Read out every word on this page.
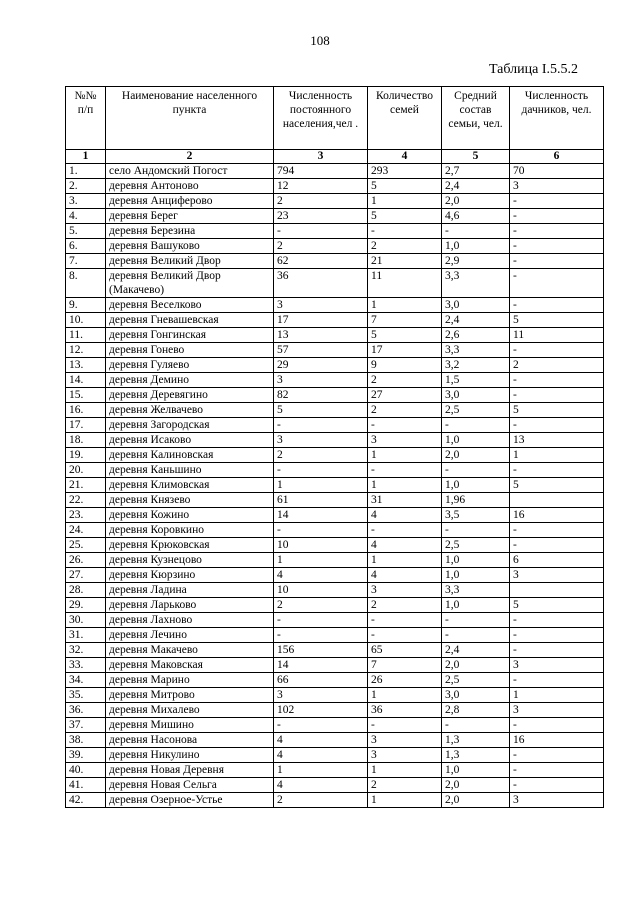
108
Таблица I.5.5.2
№№ п/п	Наименование населенного пункта	Численность постоянного населения,чел .	Количество семей	Средний состав семьи, чел.	Численность дачников, чел.
1	2	3	4	5	6
1.	село Андомский Погост	794	293	2,7	70
2.	деревня Антоново	12	5	2,4	3
3.	деревня Анциферово	2	1	2,0	-
4.	деревня Берег	23	5	4,6	-
5.	деревня Березина	-	-	-	-
6.	деревня Вашуково	2	2	1,0	-
7.	деревня Великий Двор	62	21	2,9	-
8.	деревня Великий Двор (Макачево)	36	11	3,3	-
9.	деревня Веселково	3	1	3,0	-
10.	деревня Гневашевская	17	7	2,4	5
11.	деревня Гонгинская	13	5	2,6	11
12.	деревня Гонево	57	17	3,3	-
13.	деревня Гуляево	29	9	3,2	2
14.	деревня Демино	3	2	1,5	-
15.	деревня Деревягино	82	27	3,0	-
16.	деревня Желвачево	5	2	2,5	5
17.	деревня Загородская	-	-	-	-
18.	деревня Исаково	3	3	1,0	13
19.	деревня Калиновская	2	1	2,0	1
20.	деревня Каньшино	-	-	-	-
21.	деревня Климовская	1	1	1,0	5
22.	деревня Князево	61	31	1,96	
23.	деревня Кожино	14	4	3,5	16
24.	деревня Коровкино	-	-	-	-
25.	деревня Крюковская	10	4	2,5	-
26.	деревня Кузнецово	1	1	1,0	6
27.	деревня Кюрзино	4	4	1,0	3
28.	деревня Ладина	10	3	3,3	
29.	деревня Ларьково	2	2	1,0	5
30.	деревня Лахново	-	-	-	-
31.	деревня Лечино	-	-	-	-
32.	деревня Макачево	156	65	2,4	-
33.	деревня Маковская	14	7	2,0	3
34.	деревня Марино	66	26	2,5	-
35.	деревня Митрово	3	1	3,0	1
36.	деревня Михалево	102	36	2,8	3
37.	деревня Мишино	-	-	-	-
38.	деревня Насонова	4	3	1,3	16
39.	деревня Никулино	4	3	1,3	-
40.	деревня Новая Деревня	1	1	1,0	-
41.	деревня Новая Сельга	4	2	2,0	-
42.	деревня Озерное-Устье	2	1	2,0	3
